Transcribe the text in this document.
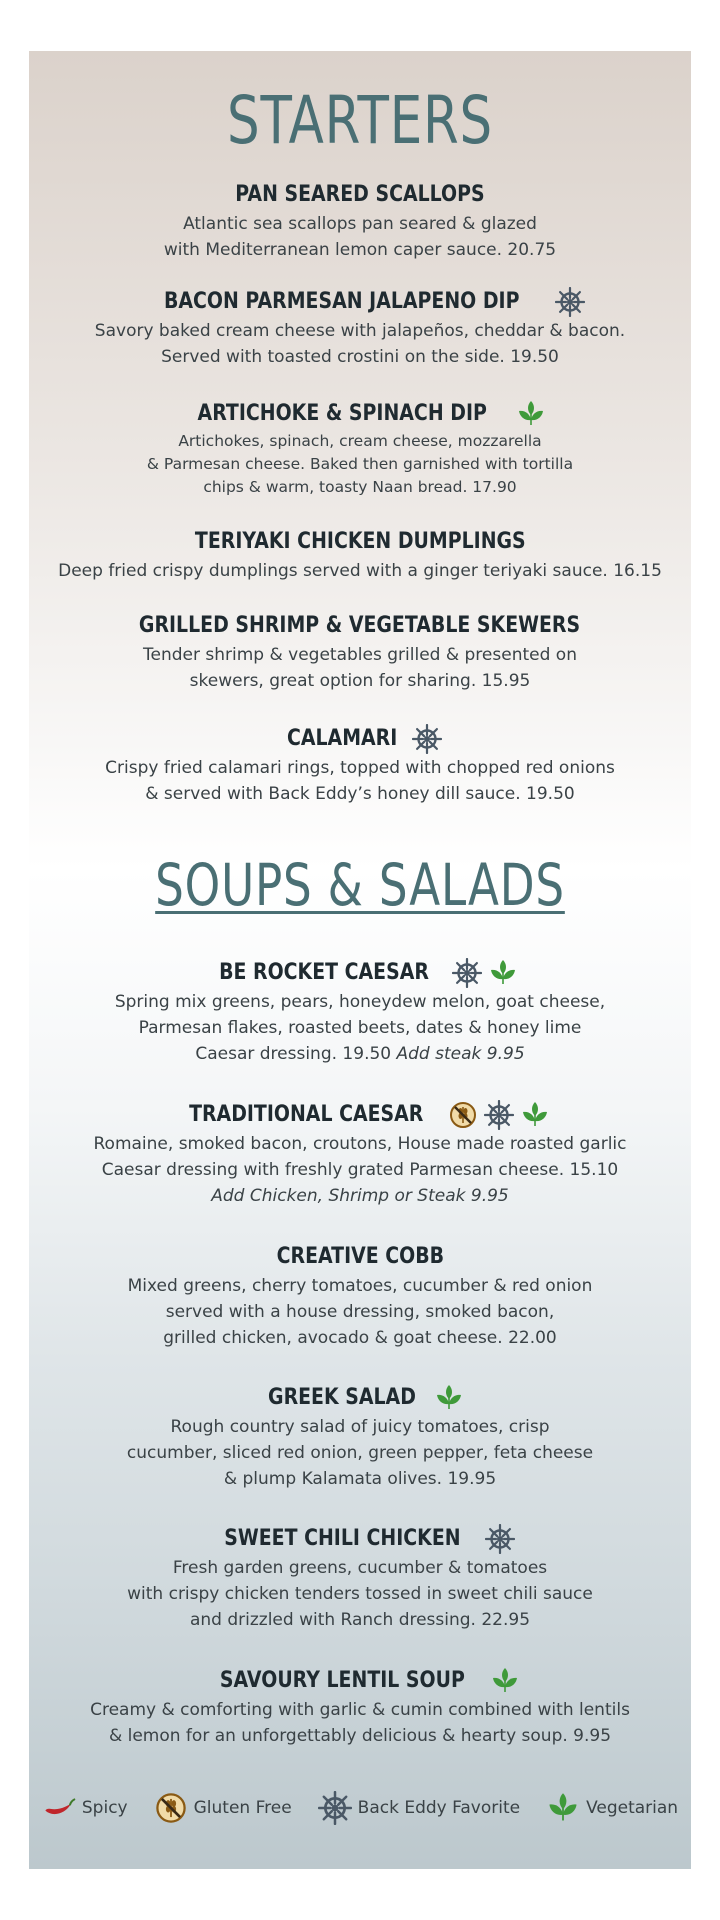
STARTERS
PAN SEARED SCALLOPS
Atlantic sea scallops pan seared & glazed
with Mediterranean lemon caper sauce. 20.75
BACON PARMESAN JALAPENO DIP
Savory baked cream cheese with jalapeños, cheddar & bacon.
Served with toasted crostini on the side. 19.50
ARTICHOKE & SPINACH DIP
Artichokes, spinach, cream cheese, mozzarella
& Parmesan cheese. Baked then garnished with tortilla
chips & warm, toasty Naan bread. 17.90
TERIYAKI CHICKEN DUMPLINGS
Deep fried crispy dumplings served with a ginger teriyaki sauce. 16.15
GRILLED SHRIMP & VEGETABLE SKEWERS
Tender shrimp & vegetables grilled & presented on
skewers, great option for sharing. 15.95
CALAMARI
Crispy fried calamari rings, topped with chopped red onions
& served with Back Eddy’s honey dill sauce. 19.50
SOUPS & SALADS
BE ROCKET CAESAR
Spring mix greens, pears, honeydew melon, goat cheese,
Parmesan flakes, roasted beets, dates & honey lime
Caesar dressing. 19.50 Add steak 9.95
TRADITIONAL CAESAR
Romaine, smoked bacon, croutons, House made roasted garlic
Caesar dressing with freshly grated Parmesan cheese. 15.10
Add Chicken, Shrimp or Steak 9.95
CREATIVE COBB
Mixed greens, cherry tomatoes, cucumber & red onion
served with a house dressing, smoked bacon,
grilled chicken, avocado & goat cheese. 22.00
GREEK SALAD
Rough country salad of juicy tomatoes, crisp
cucumber, sliced red onion, green pepper, feta cheese
& plump Kalamata olives. 19.95
SWEET CHILI CHICKEN
Fresh garden greens, cucumber & tomatoes
with crispy chicken tenders tossed in sweet chili sauce
and drizzled with Ranch dressing. 22.95
SAVOURY LENTIL SOUP
Creamy & comforting with garlic & cumin combined with lentils
& lemon for an unforgettably delicious & hearty soup. 9.95
Spicy	Gluten Free	Back Eddy Favorite	Vegetarian
